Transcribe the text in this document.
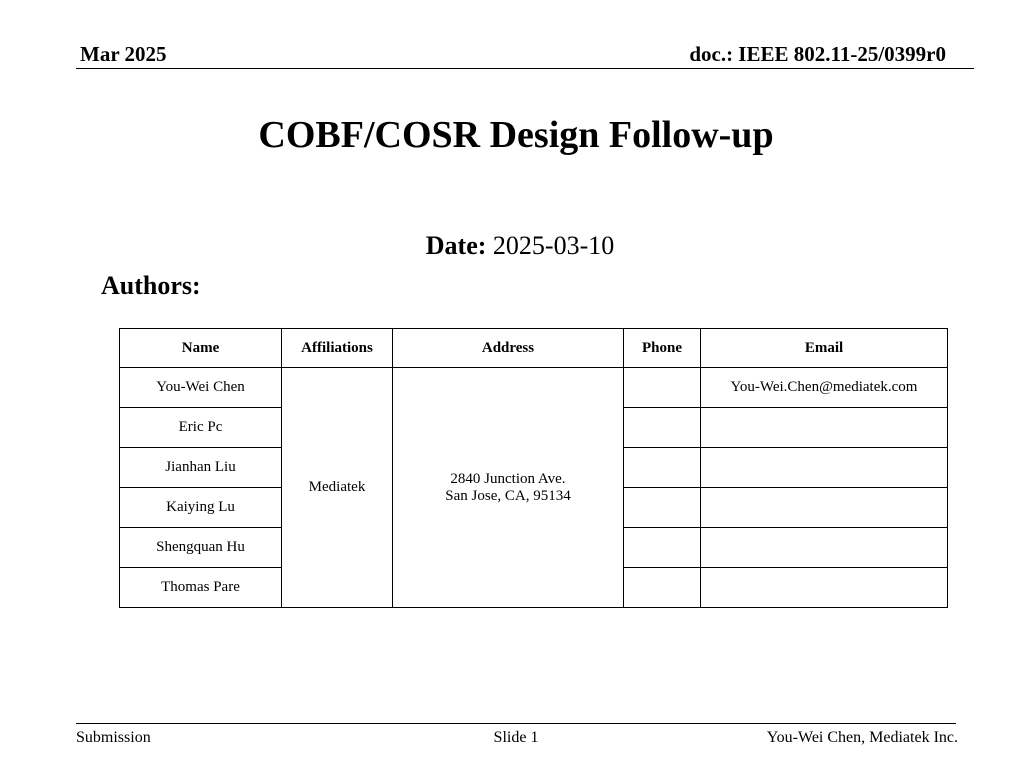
Mar 2025	doc.: IEEE 802.11-25/0399r0
COBF/COSR Design Follow-up
Date: 2025-03-10
Authors:
Name	Affiliations	Address	Phone	Email
You-Wei Chen	Mediatek	2840 Junction Ave.
San Jose, CA, 95134		You-Wei.Chen@mediatek.com
Eric Pc				
Jianhan Liu				
Kaiying Lu				
Shengquan Hu				
Thomas Pare				
Submission	Slide 1	You-Wei Chen, Mediatek Inc.
